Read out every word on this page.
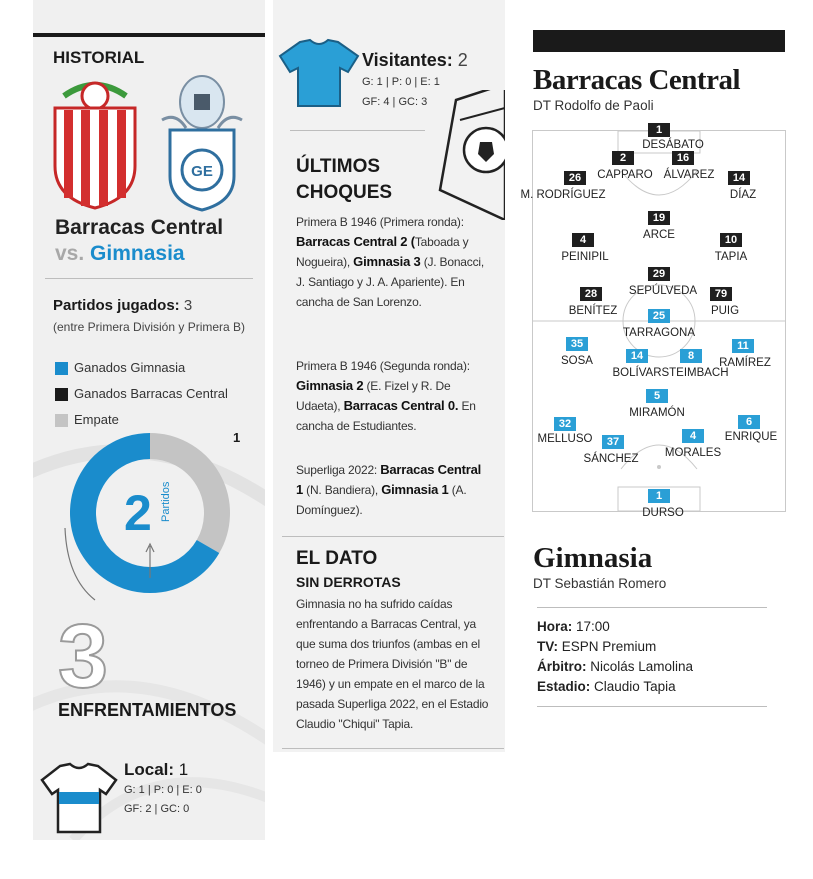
HISTORIAL
GE
Barracas Central
vs. Gimnasia
Partidos jugados: 3
(entre Primera División y Primera B)
Ganados Gimnasia
Ganados Barracas Central
Empate
2 Partidos
1
3
ENFRENTAMIENTOS
Local: 1
G: 1 | P: 0 | E: 0
GF: 2 | GC: 0
Visitantes: 2
G: 1 | P: 0 | E: 1
GF: 4 | GC: 3
ÚLTIMOS
CHOQUES
Primera B 1946 (Primera ronda): Barracas Central 2 (Taboada y Nogueira), Gimnasia 3 (J. Bonacci, J. Santiago y J. A. Apariente). En cancha de San Lorenzo.
Primera B 1946 (Segunda ronda): Gimnasia 2 (E. Fizel y R. De Udaeta), Barracas Central 0. En cancha de Estudiantes.
Superliga 2022: Barracas Central 1 (N. Bandiera), Gimnasia 1 (A. Domínguez).
EL DATO
SIN DERROTAS
Gimnasia no ha sufrido caídas enfrentando a Barracas Central, ya que suma dos triunfos (ambas en el torneo de Primera División "B" de 1946) y un empate en el marco de la pasada Superliga 2022, en el Estadio Claudio "Chiqui" Tapia.
Barracas Central
DT Rodolfo de Paoli
1
DESÁBATO
2
CAPPARO
16
ÁLVAREZ
26
M. RODRÍGUEZ
14
DÍAZ
19
ARCE
4
PEINIPIL
10
TAPIA
29
SEPÚLVEDA
28
BENÍTEZ
79
PUIG
25
TARRAGONA
35
SOSA	14
BOLÍVAR
8
STEIMBACH
11
RAMÍREZ
5
MIRAMÓN
32
MELLUSO	37
SÁNCHEZ
4
MORALES
6
ENRIQUE
1
DURSO
Gimnasia
DT Sebastián Romero
Hora: 17:00
TV: ESPN Premium
Árbitro: Nicolás Lamolina
Estadio: Claudio Tapia
